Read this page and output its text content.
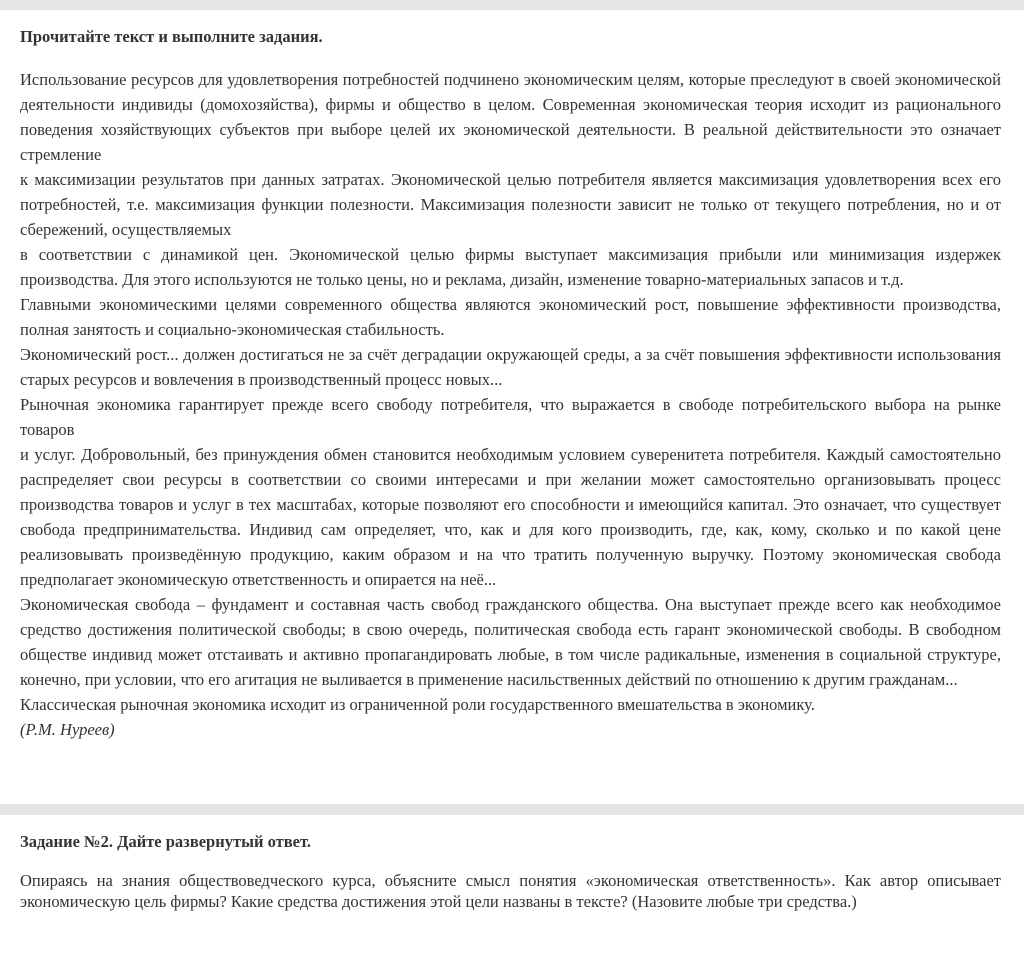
Прочитайте текст и выполните задания.

Использование ресурсов для удовлетворения потребностей подчинено экономическим целям, которые преследуют в своей экономической деятельности индивиды (домохозяйства), фирмы и общество в целом. Современная экономическая теория исходит из рационального поведения хозяйствующих субъектов при выборе целей их экономической деятельности. В реальной действительности это означает стремление

к максимизации результатов при данных затратах. Экономической целью потребителя является максимизация удовлетворения всех его потребностей, т.е. максимизация функции полезности. Максимизация полезности зависит не только от текущего потребления, но и от сбережений, осуществляемых

в соответствии с динамикой цен. Экономической целью фирмы выступает максимизация прибыли или минимизация издержек производства. Для этого используются не только цены, но и реклама, дизайн, изменение товарно-материальных запасов и т.д.

Главными экономическими целями современного общества являются экономический рост, повышение эффективности производства, полная занятость и социально-экономическая стабильность.

Экономический рост... должен достигаться не за счёт деградации окружающей среды, а за счёт повышения эффективности использования старых ресурсов и вовлечения в производственный процесс новых...

Рыночная экономика гарантирует прежде всего свободу потребителя, что выражается в свободе потребительского выбора на рынке товаров

и услуг. Добровольный, без принуждения обмен становится необходимым условием суверенитета потребителя. Каждый самостоятельно распределяет свои ресурсы в соответствии со своими интересами и при желании может самостоятельно организовывать процесс производства товаров и услуг в тех масштабах, которые позволяют его способности и имеющийся капитал. Это означает, что существует свобода предпринимательства. Индивид сам определяет, что, как и для кого производить, где, как, кому, сколько и по какой цене реализовывать произведённую продукцию, каким образом и на что тратить полученную выручку. Поэтому экономическая свобода предполагает экономическую ответственность и опирается на неё...

Экономическая свобода – фундамент и составная часть свобод гражданского общества. Она выступает прежде всего как необходимое средство достижения политической свободы; в свою очередь, политическая свобода есть гарант экономической свободы. В свободном обществе индивид может отстаивать и активно пропагандировать любые, в том числе радикальные, изменения в социальной структуре, конечно, при условии, что его агитация не выливается в применение насильственных действий по отношению к другим гражданам...

Классическая рыночная экономика исходит из ограниченной роли государственного вмешательства в экономику.

(Р.М. Нуреев)

Задание №2. Дайте развернутый ответ.

Опираясь на знания обществоведческого курса, объясните смысл понятия «экономическая ответственность». Как автор описывает экономическую цель фирмы? Какие средства достижения этой цели названы в тексте? (Назовите любые три средства.)
